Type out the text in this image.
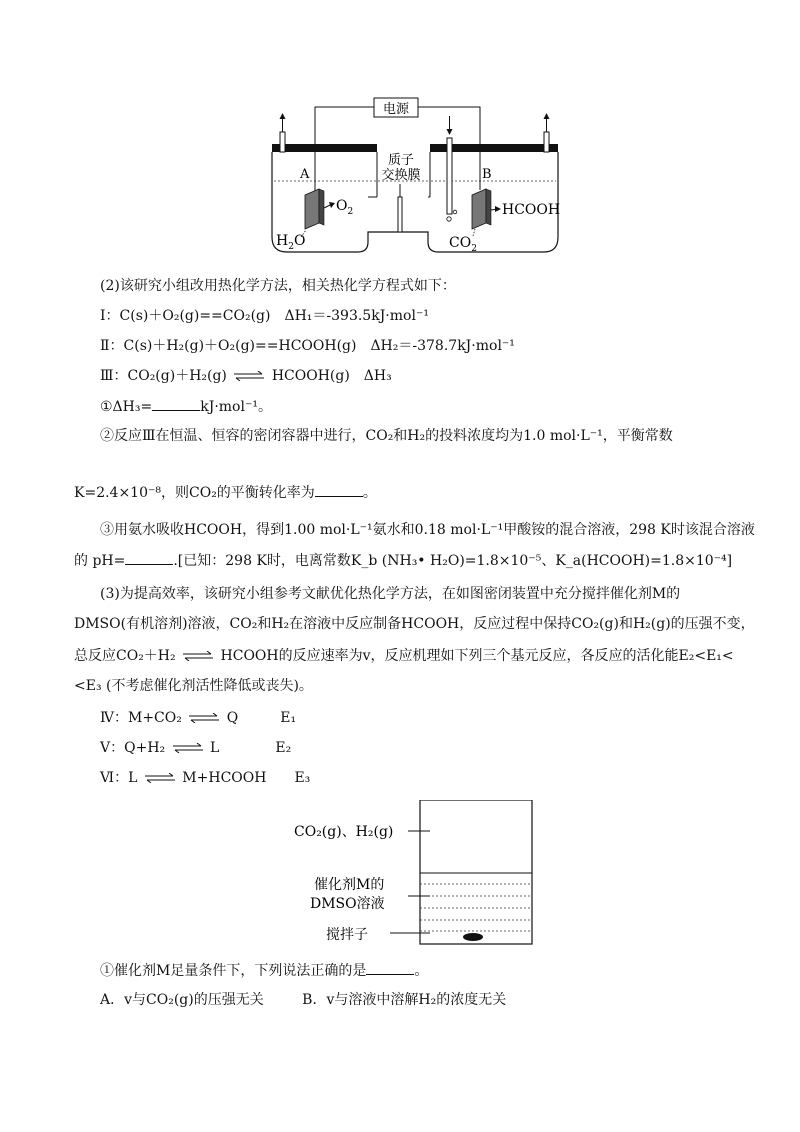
电源
质子
交换膜
A	B
$O_2$
$H_2O$
HCOOH
$CO_2$
(2)该研究小组改用热化学方法，相关热化学方程式如下：
Ⅰ：C(s)＋O₂(g)==CO₂(g)　ΔH₁＝-393.5kJ·mol⁻¹
Ⅱ：C(s)＋H₂(g)＋O₂(g)==HCOOH(g)　ΔH₂＝-378.7kJ·mol⁻¹
Ⅲ：CO₂(g)＋H₂(g) ⇌ HCOOH(g)　ΔH₃
①ΔH₃=	kJ·mol⁻¹。
②反应Ⅲ在恒温、恒容的密闭容器中进行，CO₂和H₂的投料浓度均为1.0 mol·L⁻¹，平衡常数
K=2.4×10⁻⁸，则CO₂的平衡转化率为	。
③用氨水吸收HCOOH，得到1.00 mol·L⁻¹氨水和0.18 mol·L⁻¹甲酸铵的混合溶液，298 K时该混合溶液
的 pH=	.[已知：298 K时，电离常数K_b (NH₃• H₂O)=1.8×10⁻⁵、K_a(HCOOH)=1.8×10⁻⁴]
(3)为提高效率，该研究小组参考文献优化热化学方法，在如图密闭装置中充分搅拌催化剂M的
DMSO(有机溶剂)溶液，CO₂和H₂在溶液中反应制备HCOOH，反应过程中保持CO₂(g)和H₂(g)的压强不变，
总反应CO₂＋H₂ ⇌ HCOOH的反应速率为v，反应机理如下列三个基元反应，各反应的活化能E₂<E₁<
<E₃ (不考虑催化剂活性降低或丧失)。
Ⅳ：M+CO₂ ⇌ Q　　　E₁
Ⅴ：Q+H₂ ⇌ L　　　　E₂
Ⅵ：L ⇌ M+HCOOH　　E₃
CO₂(g)、H₂(g)
催化剂M的
DMSO溶液
搅拌子
①催化剂M足量条件下，下列说法正确的是	。
A．v与CO₂(g)的压强无关	B．v与溶液中溶解H₂的浓度无关
